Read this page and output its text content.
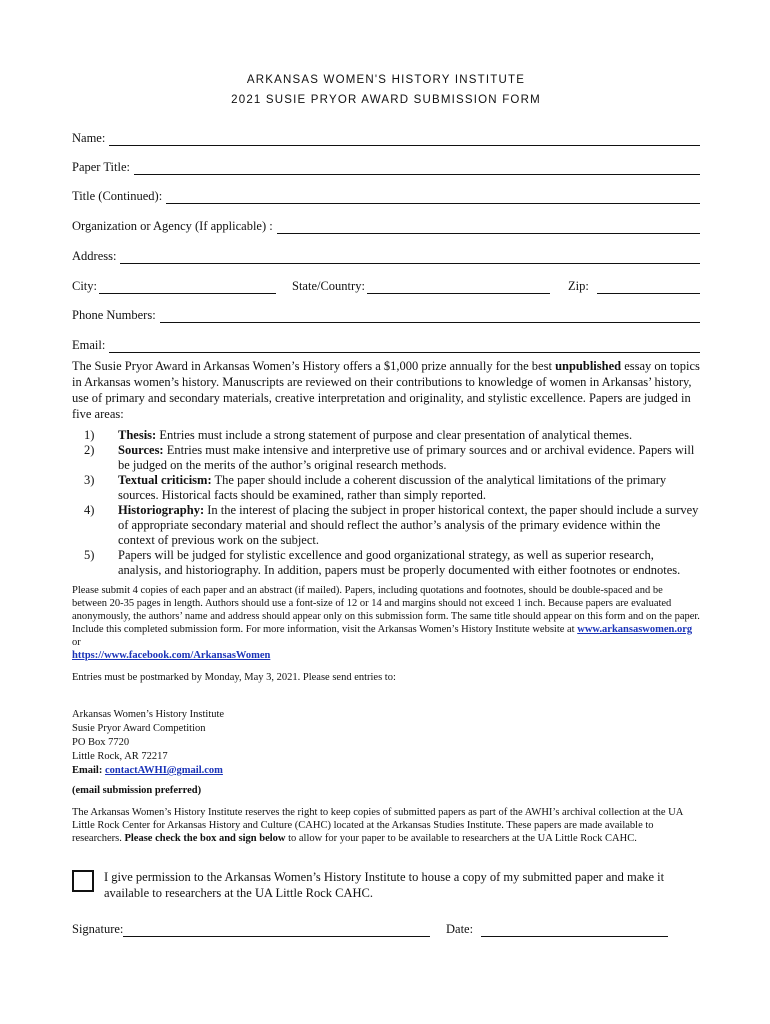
ARKANSAS WOMEN'S HISTORY INSTITUTE
2021 SUSIE PRYOR AWARD SUBMISSION FORM
Name:
Paper Title:
Title (Continued):
Organization or Agency (If applicable) :
Address:
City:	State/Country:	Zip:
Phone Numbers:
Email:
The Susie Pryor Award in Arkansas Women’s History offers a $1,000 prize annually for the best unpublished essay on topics in Arkansas women’s history. Manuscripts are reviewed on their contributions to knowledge of women in Arkansas’ history, use of primary and secondary materials, creative interpretation and originality, and stylistic excellence. Papers are judged in five areas:
1) Thesis: Entries must include a strong statement of purpose and clear presentation of analytical themes.
2) Sources: Entries must make intensive and interpretive use of primary sources and or archival evidence. Papers will be judged on the merits of the author’s original research methods.
3) Textual criticism: The paper should include a coherent discussion of the analytical limitations of the primary sources. Historical facts should be examined, rather than simply reported.
4) Historiography: In the interest of placing the subject in proper historical context, the paper should include a survey of appropriate secondary material and should reflect the author’s analysis of the primary evidence within the context of previous work on the subject.
5) Papers will be judged for stylistic excellence and good organizational strategy, as well as superior research, analysis, and historiography. In addition, papers must be properly documented with either footnotes or endnotes.
Please submit 4 copies of each paper and an abstract (if mailed). Papers, including quotations and footnotes, should be double-spaced and be between 20-35 pages in length. Authors should use a font-size of 12 or 14 and margins should not exceed 1 inch. Because papers are evaluated anonymously, the authors’ name and address should appear only on this submission form. The same title should appear on this form and on the paper. Include this completed submission form. For more information, visit the Arkansas Women’s History Institute website at www.arkansaswomen.org or
https://www.facebook.com/ArkansasWomen
Entries must be postmarked by Monday, May 3, 2021. Please send entries to:
Arkansas Women’s History Institute
Susie Pryor Award Competition
PO Box 7720
Little Rock, AR 72217
Email: contactAWHI@gmail.com
(email submission preferred)
The Arkansas Women’s History Institute reserves the right to keep copies of submitted papers as part of the AWHI’s archival collection at the UA Little Rock Center for Arkansas History and Culture (CAHC) located at the Arkansas Studies Institute. These papers are made available to researchers. Please check the box and sign below to allow for your paper to be available to researchers at the UA Little Rock CAHC.
I give permission to the Arkansas Women’s History Institute to house a copy of my submitted paper and make it available to researchers at the UA Little Rock CAHC.
Signature:	Date:
